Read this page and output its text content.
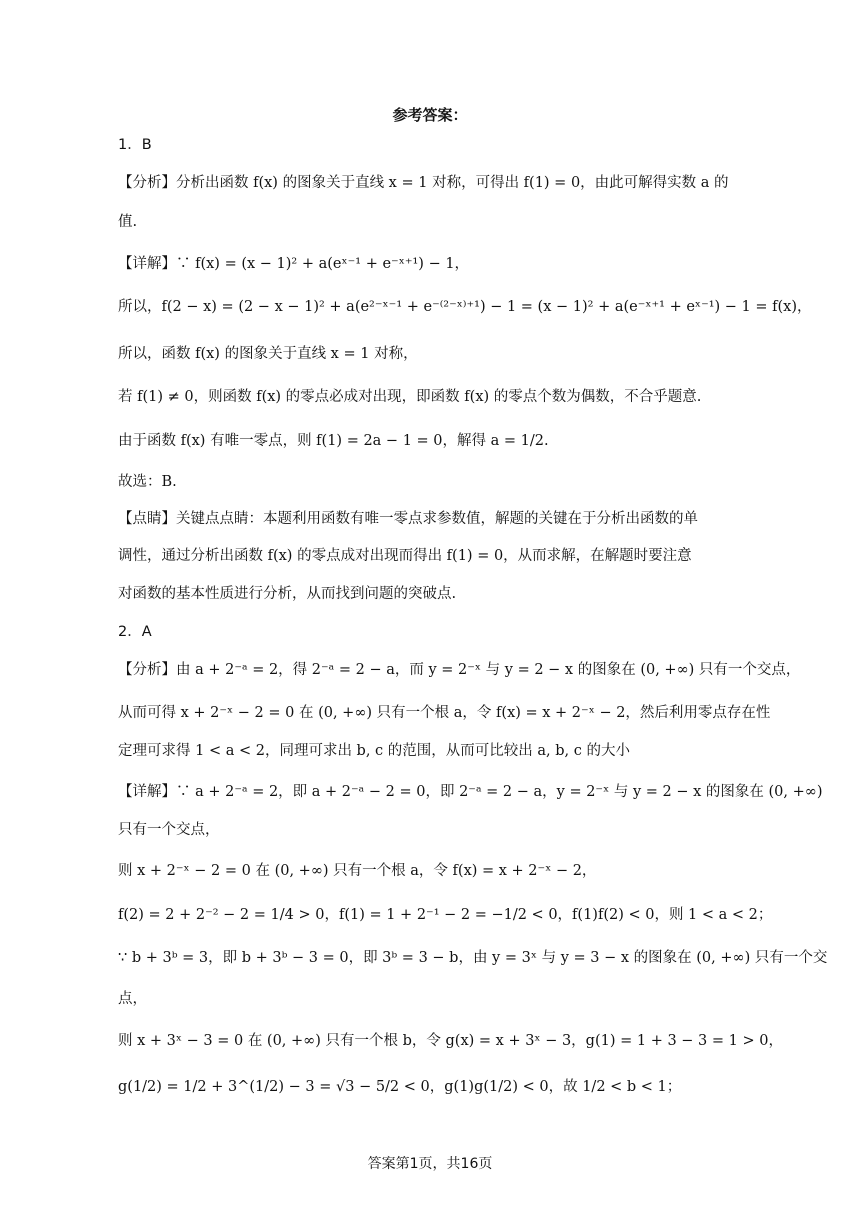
参考答案：
1．B
【分析】分析出函数 f(x) 的图象关于直线 x = 1 对称，可得出 f(1) = 0，由此可解得实数 a 的
值.
【详解】∵ f(x) = (x − 1)² + a(eˣ⁻¹ + e⁻ˣ⁺¹) − 1，
所以，f(2 − x) = (2 − x − 1)² + a(e²⁻ˣ⁻¹ + e⁻⁽²⁻ˣ⁾⁺¹) − 1 = (x − 1)² + a(e⁻ˣ⁺¹ + eˣ⁻¹) − 1 = f(x)，
所以，函数 f(x) 的图象关于直线 x = 1 对称，
若 f(1) ≠ 0，则函数 f(x) 的零点必成对出现，即函数 f(x) 的零点个数为偶数，不合乎题意.
由于函数 f(x) 有唯一零点，则 f(1) = 2a − 1 = 0，解得 a = 1/2.
故选：B.
【点睛】关键点点睛：本题利用函数有唯一零点求参数值，解题的关键在于分析出函数的单
调性，通过分析出函数 f(x) 的零点成对出现而得出 f(1) = 0，从而求解，在解题时要注意
对函数的基本性质进行分析，从而找到问题的突破点.
2．A
【分析】由 a + 2⁻ᵃ = 2，得 2⁻ᵃ = 2 − a，而 y = 2⁻ˣ 与 y = 2 − x 的图象在 (0, +∞) 只有一个交点，
从而可得 x + 2⁻ˣ − 2 = 0 在 (0, +∞) 只有一个根 a，令 f(x) = x + 2⁻ˣ − 2，然后利用零点存在性
定理可求得 1 < a < 2，同理可求出 b, c 的范围，从而可比较出 a, b, c 的大小
【详解】∵ a + 2⁻ᵃ = 2，即 a + 2⁻ᵃ − 2 = 0，即 2⁻ᵃ = 2 − a，y = 2⁻ˣ 与 y = 2 − x 的图象在 (0, +∞)
只有一个交点，
则 x + 2⁻ˣ − 2 = 0 在 (0, +∞) 只有一个根 a，令 f(x) = x + 2⁻ˣ − 2，
f(2) = 2 + 2⁻² − 2 = 1/4 > 0，f(1) = 1 + 2⁻¹ − 2 = −1/2 < 0，f(1)f(2) < 0，则 1 < a < 2；
∵ b + 3ᵇ = 3，即 b + 3ᵇ − 3 = 0，即 3ᵇ = 3 − b，由 y = 3ˣ 与 y = 3 − x 的图象在 (0, +∞) 只有一个交
点，
则 x + 3ˣ − 3 = 0 在 (0, +∞) 只有一个根 b，令 g(x) = x + 3ˣ − 3，g(1) = 1 + 3 − 3 = 1 > 0，
g(1/2) = 1/2 + 3^(1/2) − 3 = √3 − 5/2 < 0，g(1)g(1/2) < 0，故 1/2 < b < 1；
答案第1页，共16页
